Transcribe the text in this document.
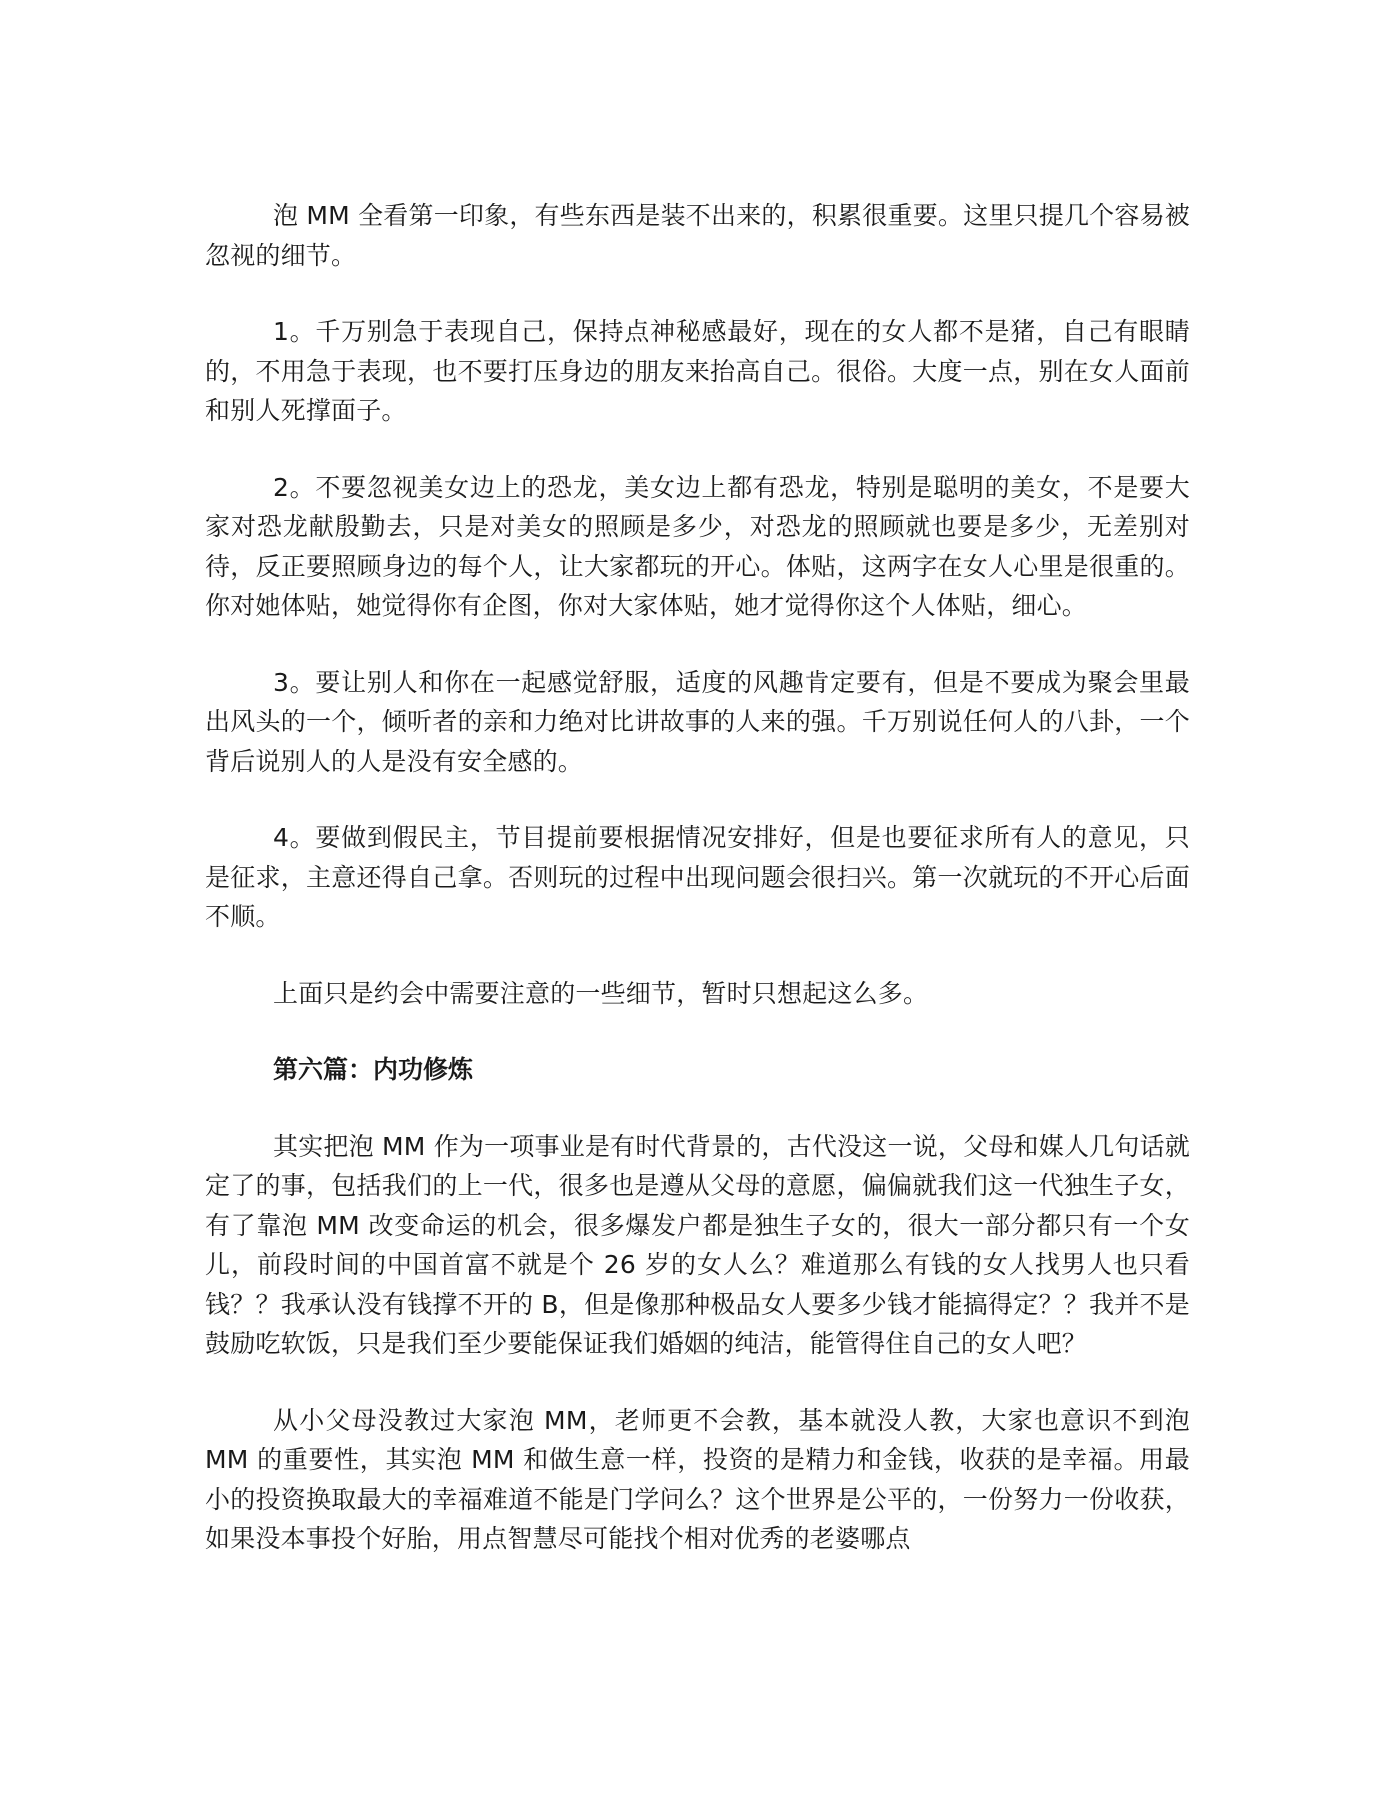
泡 MM 全看第一印象，有些东西是装不出来的，积累很重要。这里只提几个容易被忽视的细节。

1。千万别急于表现自己，保持点神秘感最好，现在的女人都不是猪，自己有眼睛的，不用急于表现，也不要打压身边的朋友来抬高自己。很俗。大度一点，别在女人面前和别人死撑面子。

2。不要忽视美女边上的恐龙，美女边上都有恐龙，特别是聪明的美女，不是要大家对恐龙献殷勤去，只是对美女的照顾是多少，对恐龙的照顾就也要是多少，无差别对待，反正要照顾身边的每个人，让大家都玩的开心。体贴，这两字在女人心里是很重的。你对她体贴，她觉得你有企图，你对大家体贴，她才觉得你这个人体贴，细心。

3。要让别人和你在一起感觉舒服，适度的风趣肯定要有，但是不要成为聚会里最出风头的一个，倾听者的亲和力绝对比讲故事的人来的强。千万别说任何人的八卦，一个背后说别人的人是没有安全感的。

4。要做到假民主，节目提前要根据情况安排好，但是也要征求所有人的意见，只是征求，主意还得自己拿。否则玩的过程中出现问题会很扫兴。第一次就玩的不开心后面不顺。

上面只是约会中需要注意的一些细节，暂时只想起这么多。

第六篇：内功修炼

其实把泡 MM 作为一项事业是有时代背景的，古代没这一说，父母和媒人几句话就定了的事，包括我们的上一代，很多也是遵从父母的意愿，偏偏就我们这一代独生子女，有了靠泡 MM 改变命运的机会，很多爆发户都是独生子女的，很大一部分都只有一个女儿，前段时间的中国首富不就是个 26 岁的女人么？难道那么有钱的女人找男人也只看钱？？我承认没有钱撑不开的 B，但是像那种极品女人要多少钱才能搞得定？？我并不是鼓励吃软饭，只是我们至少要能保证我们婚姻的纯洁，能管得住自己的女人吧？

从小父母没教过大家泡 MM，老师更不会教，基本就没人教，大家也意识不到泡 MM 的重要性，其实泡 MM 和做生意一样，投资的是精力和金钱，收获的是幸福。用最小的投资换取最大的幸福难道不能是门学问么？这个世界是公平的，一份努力一份收获，如果没本事投个好胎，用点智慧尽可能找个相对优秀的老婆哪点
